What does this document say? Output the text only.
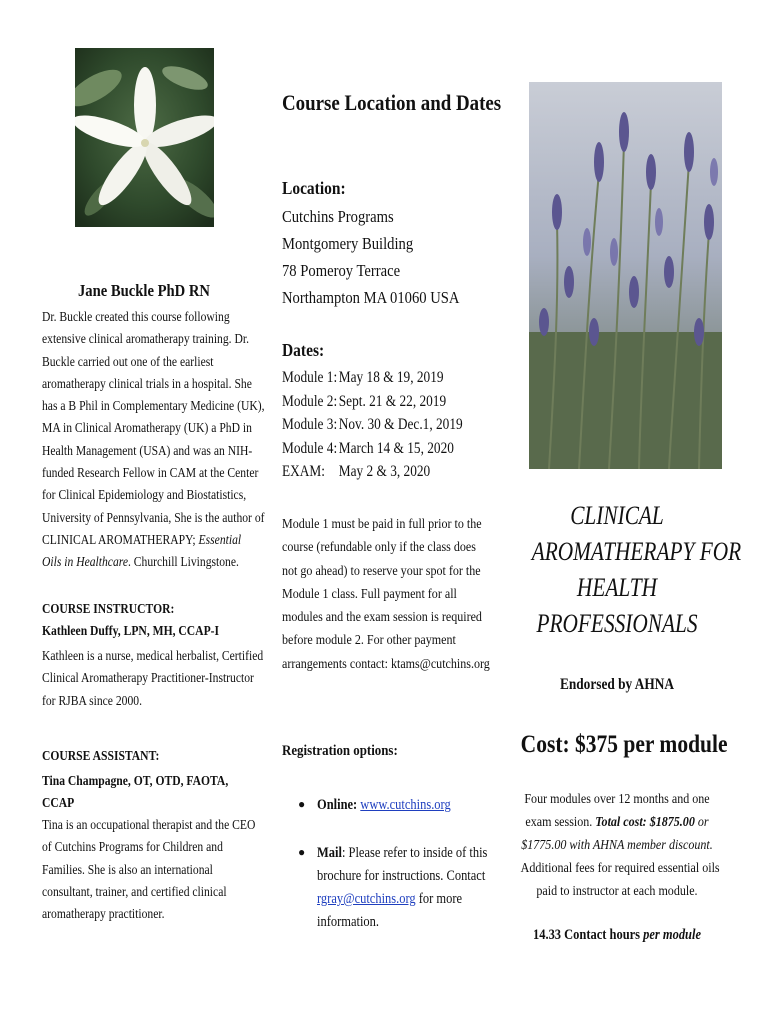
Jane Buckle PhD RN
Dr. Buckle created this course following
extensive clinical aromatherapy training. Dr.
Buckle carried out one of the earliest
aromatherapy clinical trials in a hospital. She
has a B Phil in Complementary Medicine (UK),
MA in Clinical Aromatherapy (UK) a PhD in
Health Management (USA) and was an NIH-
funded Research Fellow in CAM at the Center
for Clinical Epidemiology and Biostatistics,
University of Pennsylvania, She is the author of
CLINICAL AROMATHERAPY; Essential
Oils in Healthcare. Churchill Livingstone.
COURSE INSTRUCTOR:
Kathleen Duffy, LPN, MH, CCAP-I
Kathleen is a nurse, medical herbalist, Certified
Clinical Aromatherapy Practitioner-Instructor
for RJBA since 2000.
COURSE ASSISTANT:
Tina Champagne, OT, OTD, FAOTA,
CCAP
Tina is an occupational therapist and the CEO
of Cutchins Programs for Children and
Families. She is also an international
consultant, trainer, and certified clinical
aromatherapy practitioner.
Course Location and Dates
Location:
Cutchins Programs
Montgomery Building
78 Pomeroy Terrace
Northampton MA 01060 USA
Dates:
Module 1: May 18 & 19, 2019
Module 2: Sept. 21 & 22, 2019
Module 3: Nov. 30 & Dec.1, 2019
Module 4: March 14 & 15, 2020
EXAM: May 2 & 3, 2020
Module 1 must be paid in full prior to the
course (refundable only if the class does
not go ahead) to reserve your spot for the
Module 1 class. Full payment for all
modules and the exam session is required
before module 2. For other payment
arrangements contact: ktams@cutchins.org
Registration options:
● Online: www.cutchins.org
● Mail: Please refer to inside of this
brochure for instructions. Contact
rgray@cutchins.org for more
information.
CLINICAL
AROMATHERAPY FOR
HEALTH
PROFESSIONALS
Endorsed by AHNA
Cost: $375 per module
Four modules over 12 months and one
exam session. Total cost: $1875.00 or
$1775.00 with AHNA member discount.
Additional fees for required essential oils
paid to instructor at each module.
14.33 Contact hours per module
